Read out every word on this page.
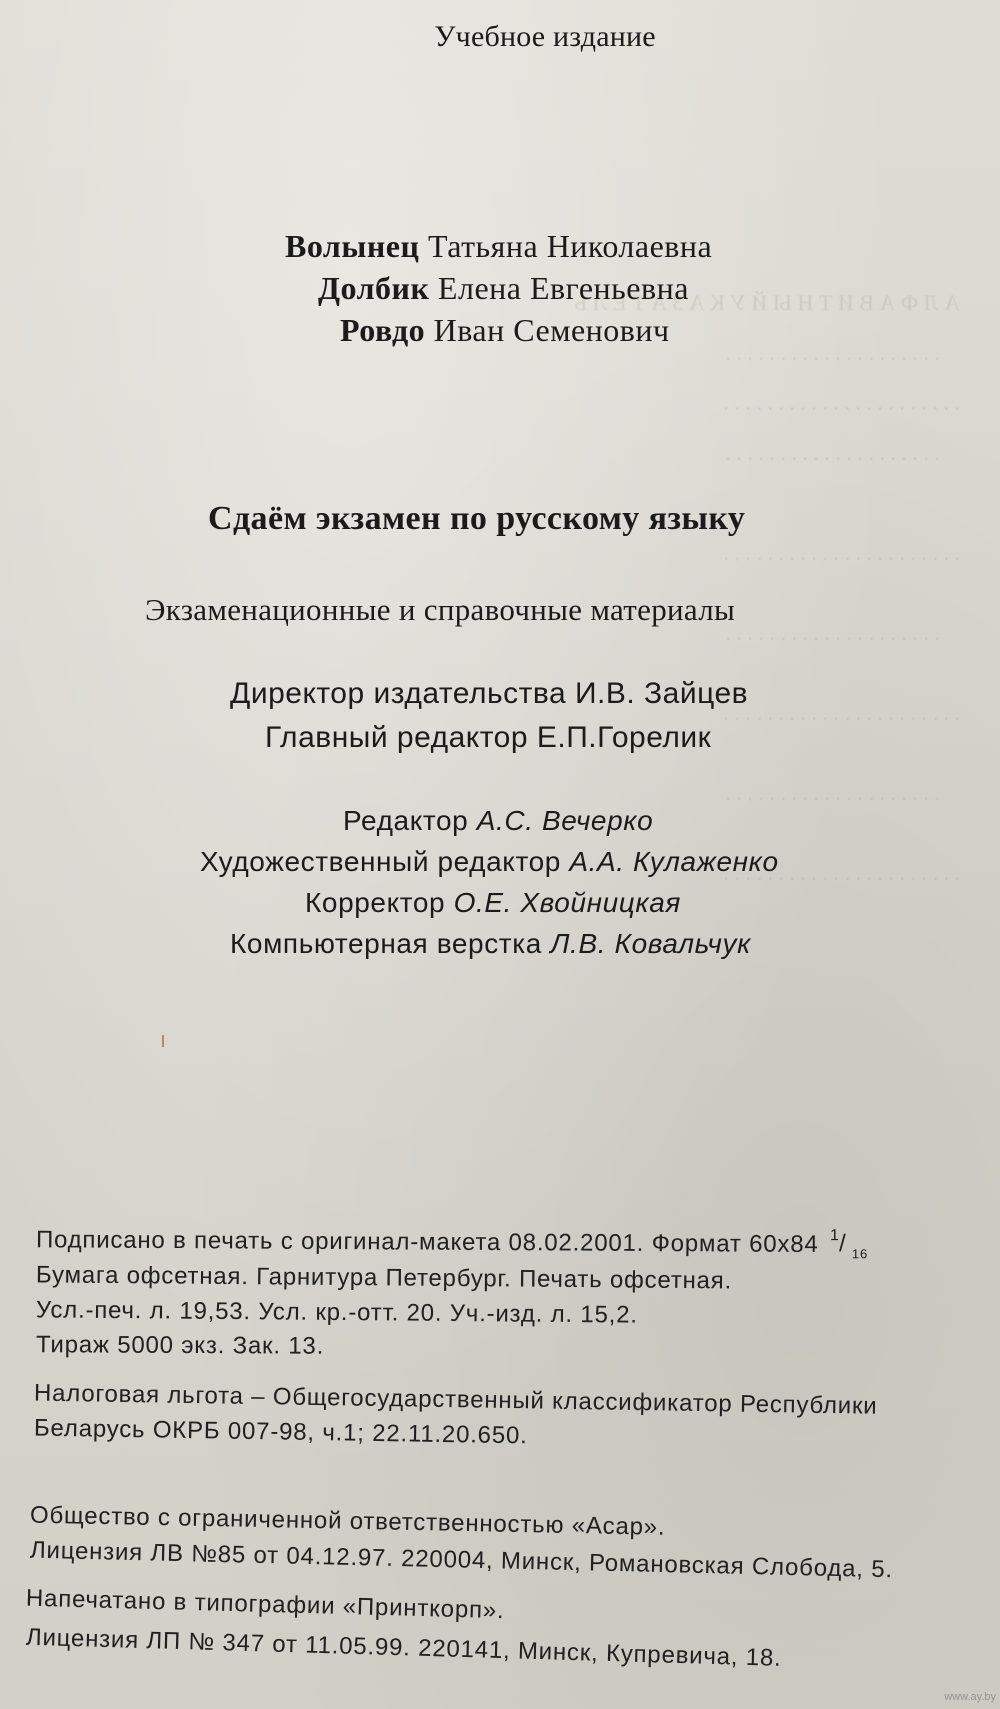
А Л Ф А В И Т Н Ы Й У К А З А Т Е Л Ь
. . . . . . . . . . . . . . . . . . . .
. . . . . . . . . . . . . . . . . . . . . .
. . . . . . . . . . . . . . . . . . . .
. . . . . . . . . . . . . . . . . . . . . .
. . . . . . . . . . . . . . . . . . . .
. . . . . . . . . . . . . . . . . . . . . .
. . . . . . . . . . . . . . . . . . . .
. . . . . . . . . . . . . . . . . . . . . .
Учебное издание
Волынец Татьяна Николаевна
Долбик Елена Евгеньевна
Ровдо Иван Семенович
Сдаём экзамен по русскому языку
Экзаменационные и справочные материалы
Директор издательства И.В. Зайцев
Главный редактор Е.П.Горелик
Редактор А.С. Вечерко
Художественный редактор А.А. Кулаженко
Корректор О.Е. Хвойницкая
Компьютерная верстка Л.В. Ковальчук
Подписано в печать с оригинал-макета 08.02.2001. Формат 60x84 1 / 16
Бумага офсетная. Гарнитура Петербург. Печать офсетная.
Усл.-печ. л. 19,53. Усл. кр.-отт. 20. Уч.-изд. л. 15,2.
Тираж 5000 экз. Зак. 13.
Налоговая льгота – Общегосударственный классификатор Республики
Беларусь ОКРБ 007-98, ч.1; 22.11.20.650.
Общество с ограниченной ответственностью «Асар».
Лицензия ЛВ №85 от 04.12.97. 220004, Минск, Романовская Слобода, 5.
Напечатано в типографии «Принткорп».
Лицензия ЛП № 347 от 11.05.99. 220141, Минск, Купревича, 18.
www.ay.by
